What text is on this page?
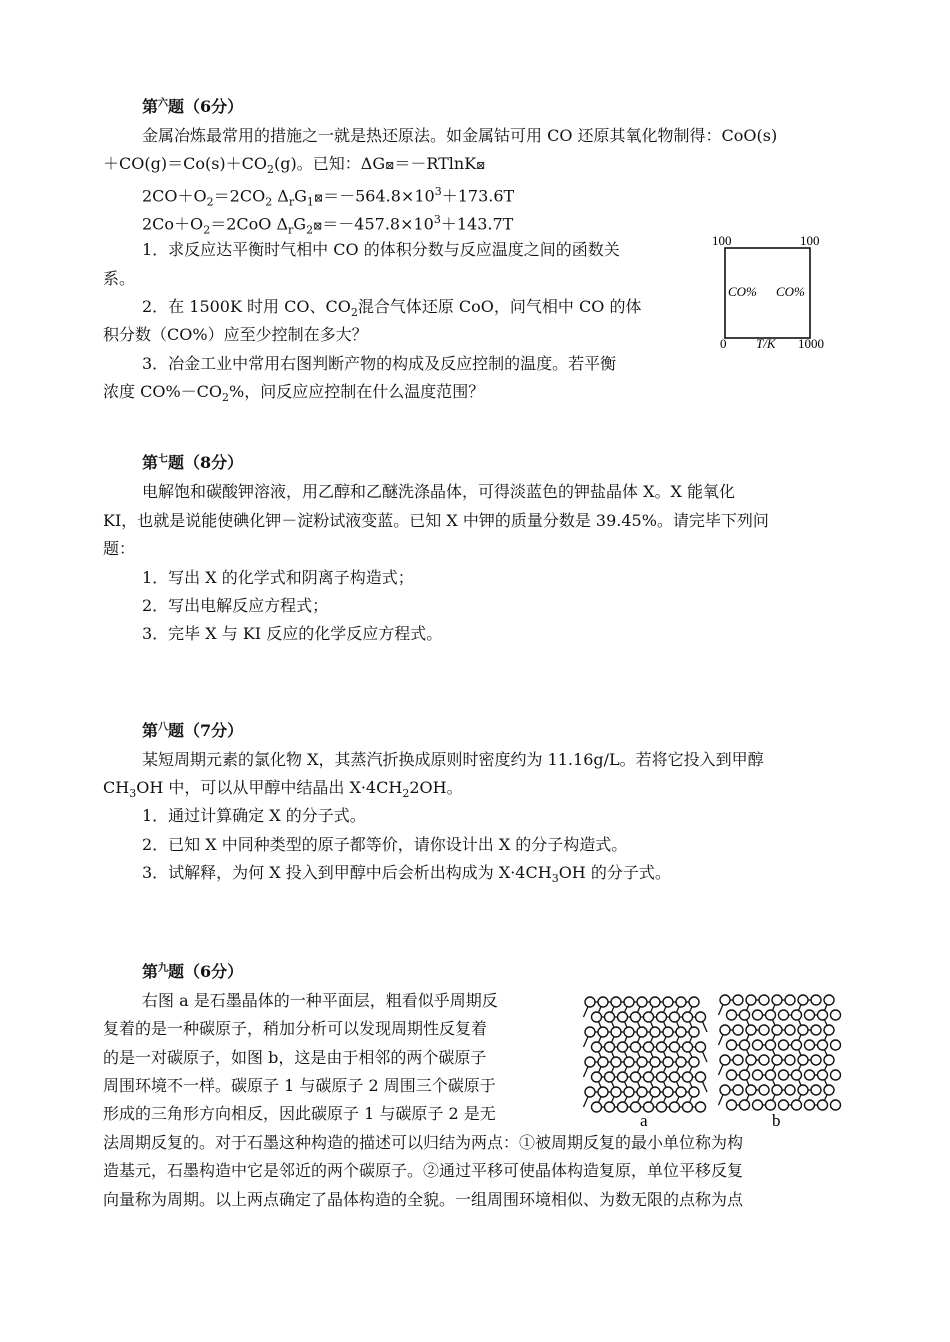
第$^六$题（6分）
金属冶炼最常用的措施之一就是热还原法。如金属钴可用 CO 还原其氧化物制得：CoO(s)
$+CO(g)=Co(s)+CO_2(g)$。已知：ΔG⊠＝－RTlnK⊠
$2CO+O_2=2CO_2$ $\Delta_rG_1⊠=-564.8\times 10^3+173.6T$
$2Co+O_2=2CoO$ $\Delta_rG_2⊠=-457.8\times 10^3+143.7T$
1．求反应达平衡时气相中 CO 的体积分数与反应温度之间的函数关
系。
2．在 1500K 时用 CO、$CO_2$混合气体还原 CoO，问气相中 CO 的体
积分数（CO%）应至少控制在多大？
3．冶金工业中常用右图判断产物的构成及反应控制的温度。若平衡
浓度 $CO\%-CO_2\%$，问反应应控制在什么温度范围？
100	100
CO% CO%
0 T/K 1000
第$^七$题（8分）
电解饱和碳酸钾溶液，用乙醇和乙醚洗涤晶体，可得淡蓝色的钾盐晶体 X。X 能氧化
KI，也就是说能使碘化钾－淀粉试液变蓝。已知 X 中钾的质量分数是 39.45%。请完毕下列问
题：
1．写出 X 的化学式和阴离子构造式；
2．写出电解反应方程式；
3．完毕 X 与 KI 反应的化学反应方程式。
第$^八$题（7分）
某短周期元素的氯化物 X，其蒸汽折换成原则时密度约为 11.16g/L。若将它投入到甲醇
$CH_3OH$ 中，可以从甲醇中结晶出 $X\cdot 4CH_22OH$。
1．通过计算确定 X 的分子式。
2．已知 X 中同种类型的原子都等价，请你设计出 X 的分子构造式。
3．试解释，为何 X 投入到甲醇中后会析出构成为 $X\cdot 4CH_3OH$ 的分子式。
第$^九$题（6分）
右图 a 是石墨晶体的一种平面层，粗看似乎周期反
复着的是一种碳原子，稍加分析可以发现周期性反复着
的是一对碳原子，如图 b，这是由于相邻的两个碳原子
周围环境不一样。碳原子 1 与碳原子 2 周围三个碳原于
形成的三角形方向相反，因此碳原子 1 与碳原子 2 是无
法周期反复的。对于石墨这种构造的描述可以归结为两点：①被周期反复的最小单位称为构
造基元，石墨构造中它是邻近的两个碳原子。②通过平移可使晶体构造复原，单位平移反复
向量称为周期。以上两点确定了晶体构造的全貌。一组周围环境相似、为数无限的点称为点
a	b
